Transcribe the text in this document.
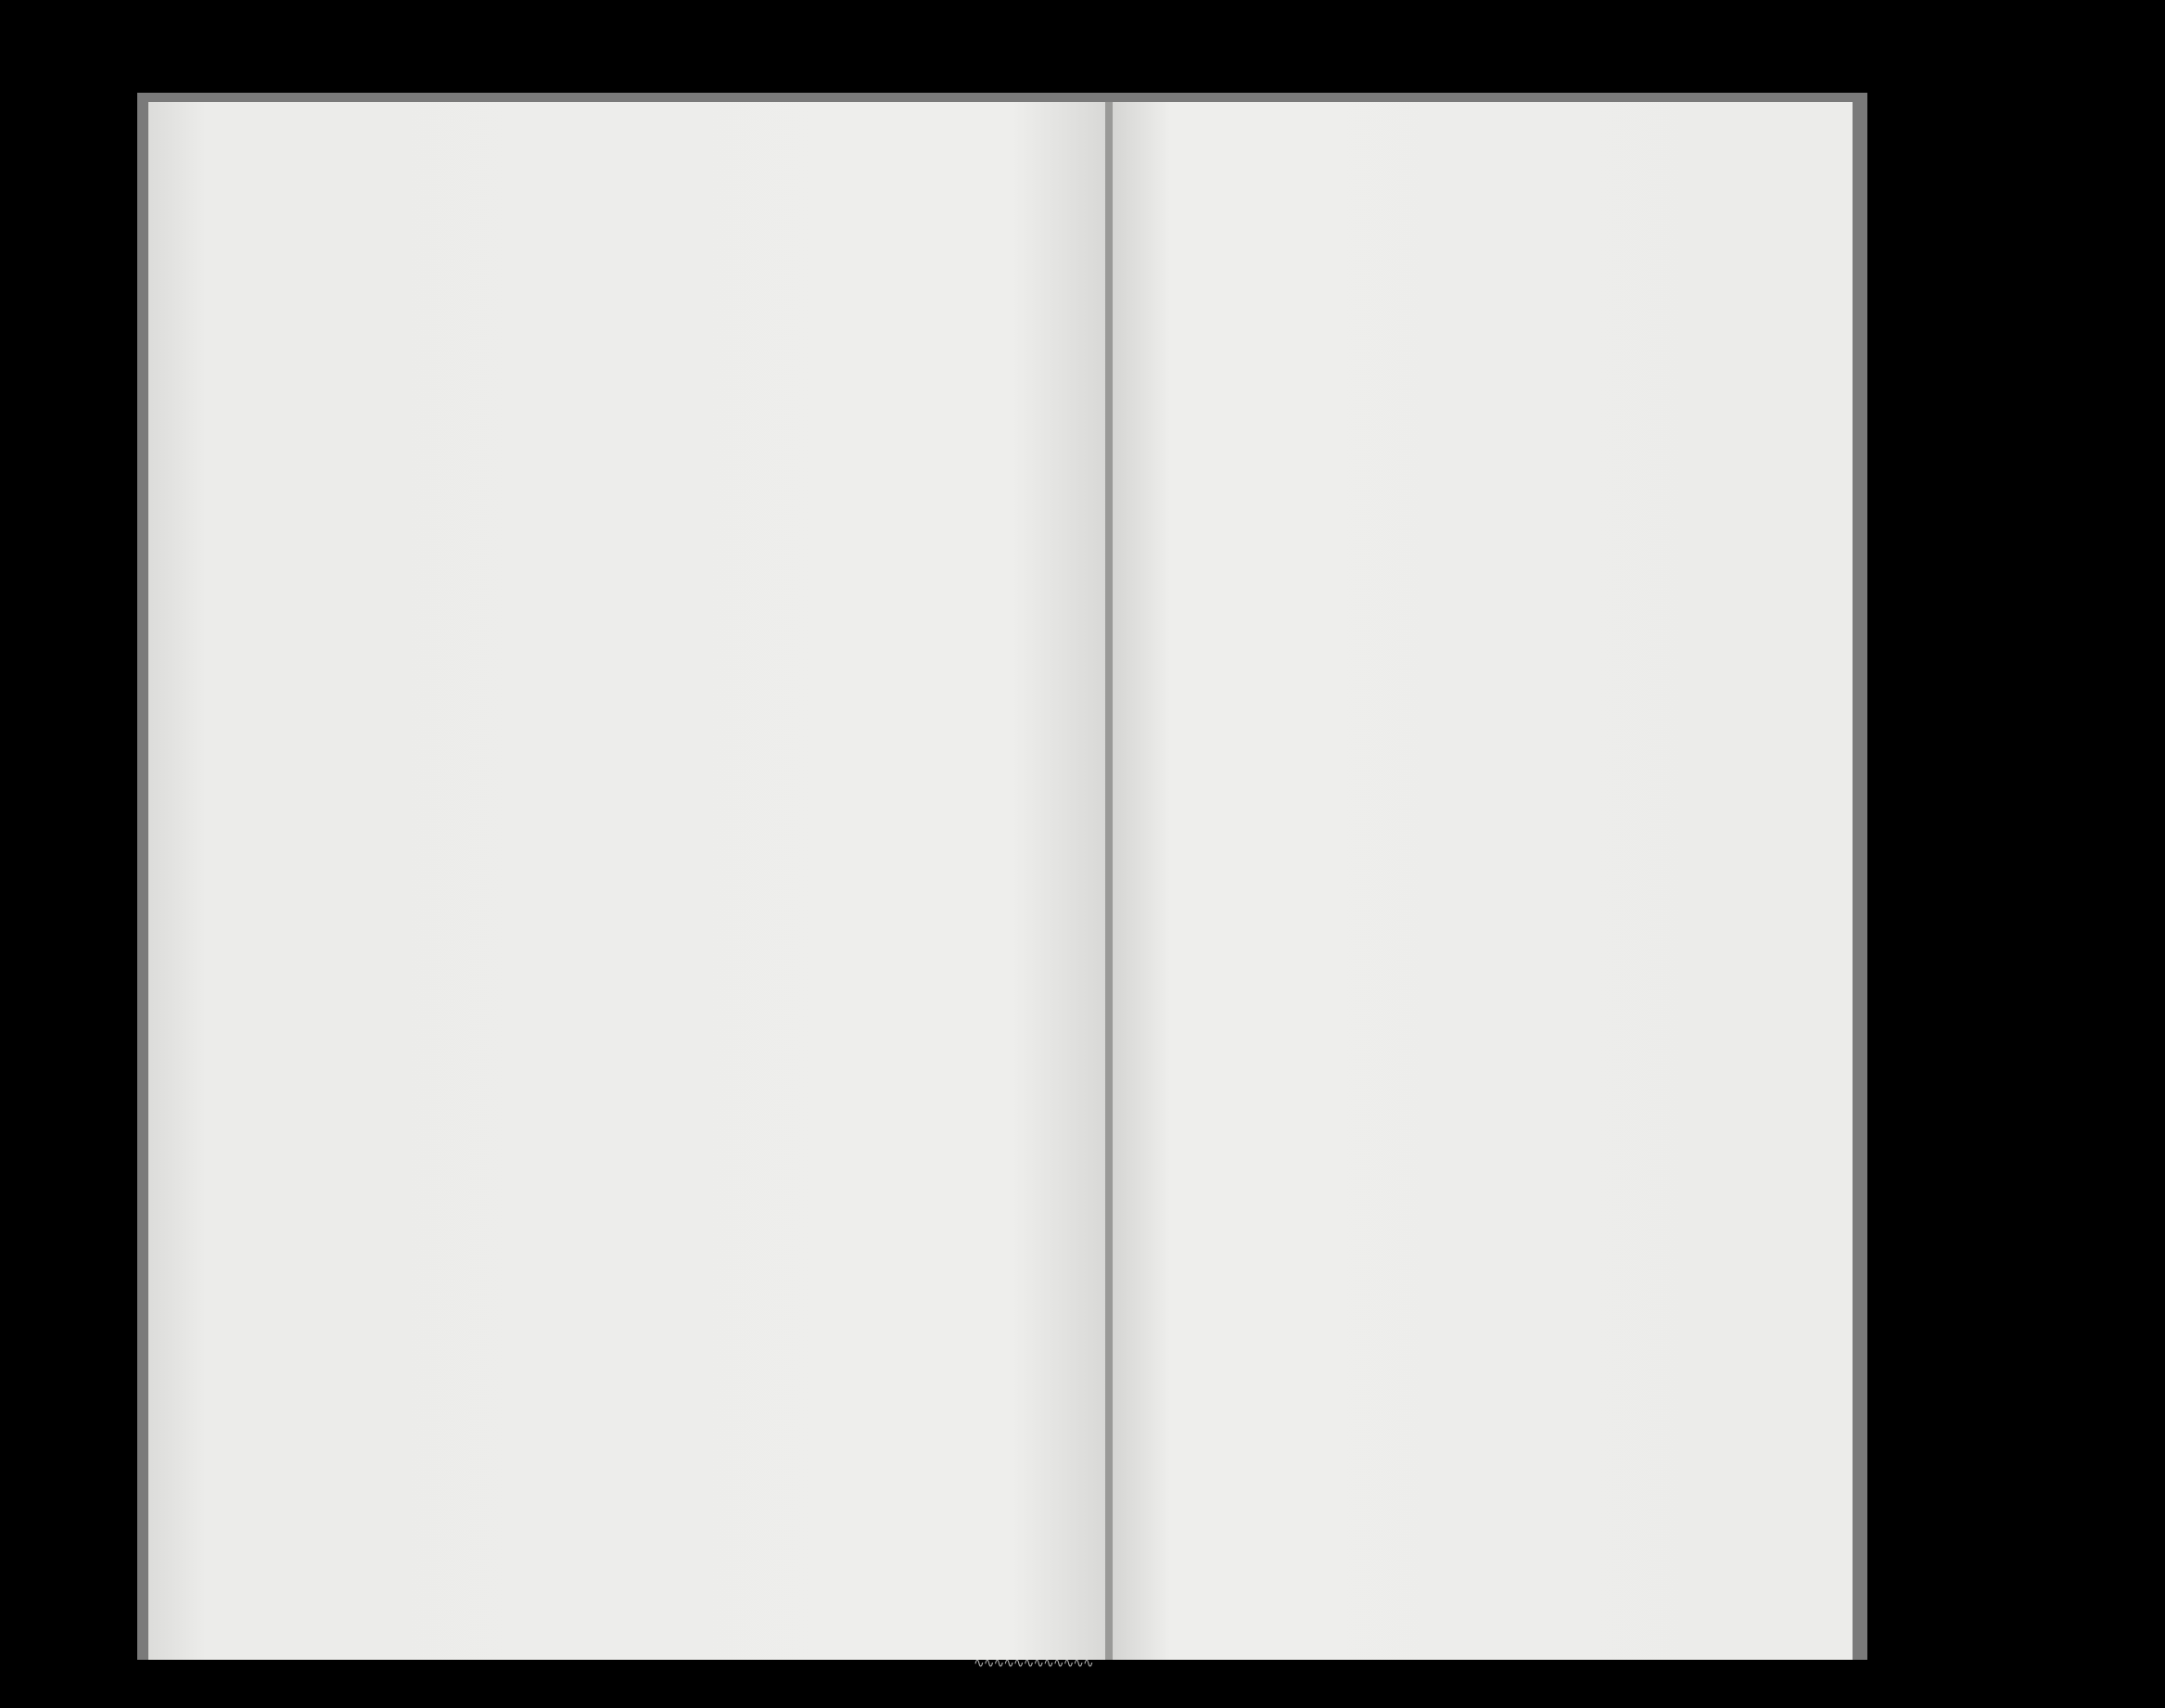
∿∿∿∿∿∿∿∿∿∿∿∿
